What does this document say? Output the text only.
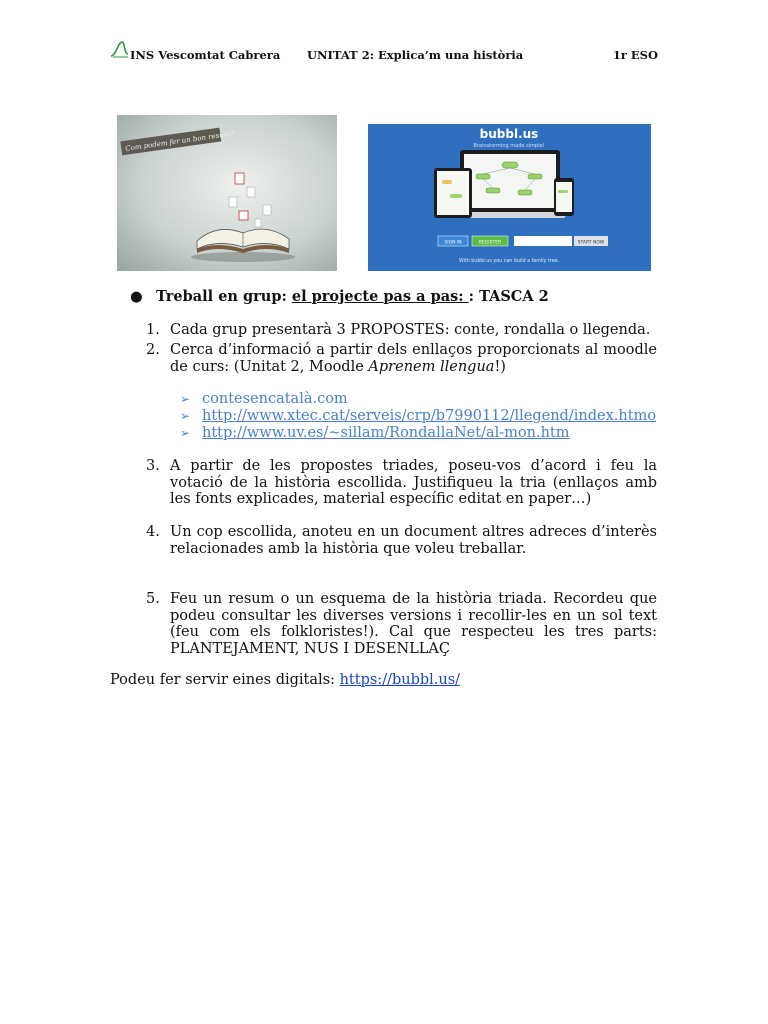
INS Vescomtat Cabrera UNITAT 2: Explica’m una història	1r ESO
Com podem fer un bon resum?	bubbl.us
Brainstorming made simple!
SIGN IN	REGISTER	START NOW
With bubbl.us you can build a family tree.
● Treball en grup: el projecte pas a pas: : TASCA 2
1. Cada grup presentarà 3 PROPOSTES: conte, rondalla o llegenda.
2. Cerca d’informació a partir dels enllaços proporcionats al moodle de curs: (Unitat 2, Moodle Aprenem llengua!)
➢ contesencatalà.com
➢ http://www.xtec.cat/serveis/crp/b7990112/llegend/index.htmo
➢ http://www.uv.es/~sillam/RondallaNet/al-mon.htm
3. A partir de les propostes triades, poseu-vos d’acord i feu la votació de la història escollida. Justifiqueu la tria (enllaços amb les fonts explicades, material específic editat en paper…)
4. Un cop escollida, anoteu en un document altres adreces d’interès relacionades amb la història que voleu treballar.
5. Feu un resum o un esquema de la història triada. Recordeu que podeu consultar les diverses versions i recollir-les en un sol text (feu com els folkloristes!). Cal que respecteu les tres parts: PLANTEJAMENT, NUS I DESENLLAÇ
Podeu fer servir eines digitals: https://bubbl.us/
